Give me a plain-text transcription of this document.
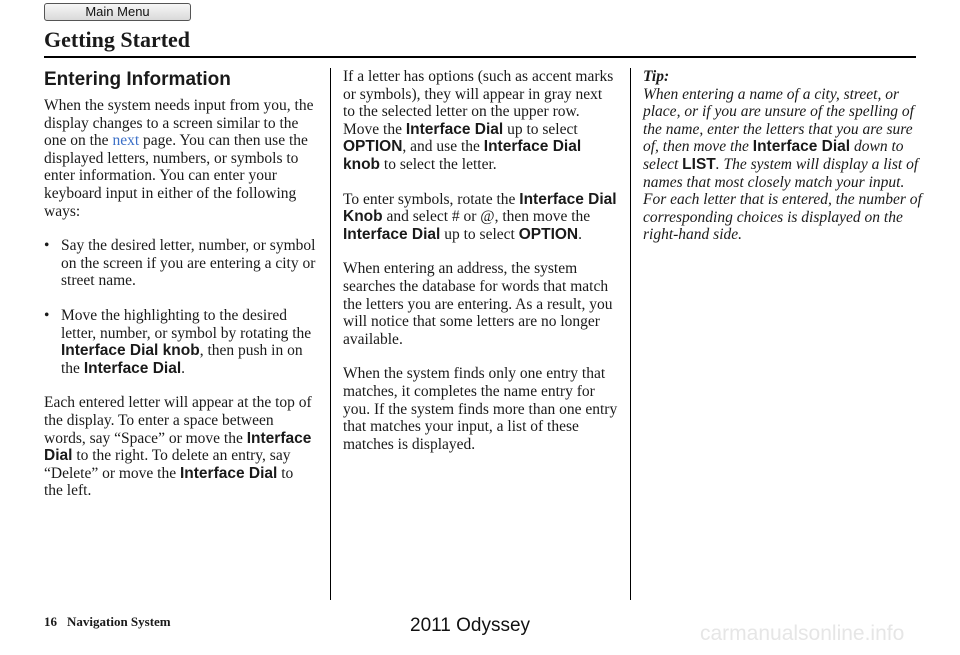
Main Menu
Getting Started
Entering Information

When the system needs input from you, the display changes to a screen similar to the one on the next page. You can then use the displayed letters, numbers, or symbols to enter information. You can enter your keyboard input in either of the following ways:

• Say the desired letter, number, or symbol on the screen if you are entering a city or street name.
• Move the highlighting to the desired letter, number, or symbol by rotating the Interface Dial knob, then push in on the Interface Dial.

Each entered letter will appear at the top of the display. To enter a space between words, say “Space” or move the Interface Dial to the right. To delete an entry, say “Delete” or move the Interface Dial to the left.

If a letter has options (such as accent marks or symbols), they will appear in gray next to the selected letter on the upper row. Move the Interface Dial up to select OPTION, and use the Interface Dial knob to select the letter.

To enter symbols, rotate the Interface Dial Knob and select # or @, then move the Interface Dial up to select OPTION.

When entering an address, the system searches the database for words that match the letters you are entering. As a result, you will notice that some letters are no longer available.

When the system finds only one entry that matches, it completes the name entry for you. If the system finds more than one entry that matches your input, a list of these matches is displayed.

Tip:
When entering a name of a city, street, or place, or if you are unsure of the spelling of the name, enter the letters that you are sure of, then move the Interface Dial down to select LIST. The system will display a list of names that most closely match your input. For each letter that is entered, the number of corresponding choices is displayed on the right-hand side.
16 Navigation System	2011 Odyssey	carmanualsonline.info
